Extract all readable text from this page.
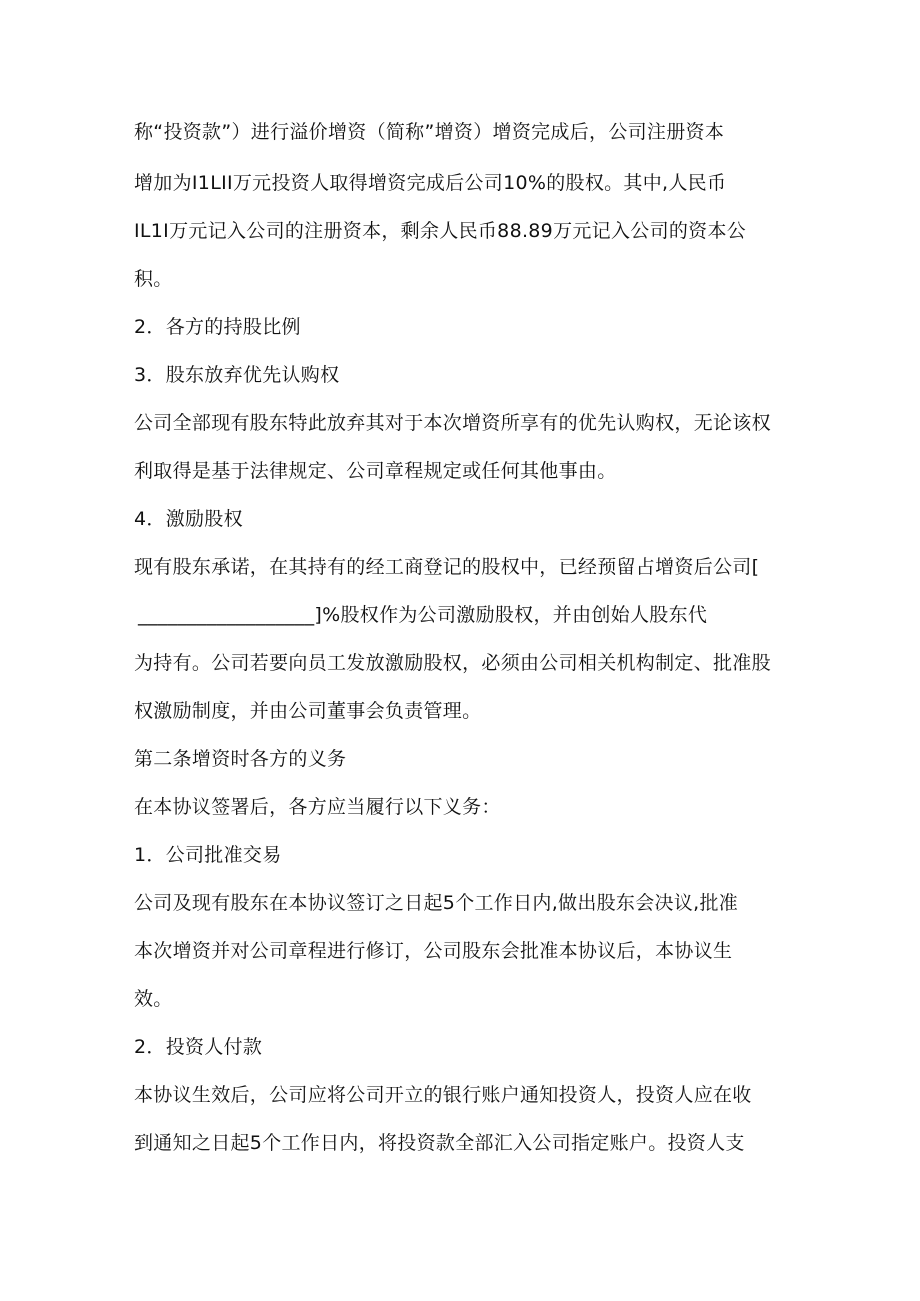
称“投资款”）进行溢价增资（简称”增资）增资完成后，公司注册资本

增加为I1LII万元投资人取得增资完成后公司10%的股权。其中,人民币

IL1I万元记入公司的注册资本，剩余人民币88.89万元记入公司的资本公

积。

2．各方的持股比例

3．股东放弃优先认购权

公司全部现有股东特此放弃其对于本次增资所享有的优先认购权，无论该权

利取得是基于法律规定、公司章程规定或任何其他事由。

4．激励股权

现有股东承诺，在其持有的经工商登记的股权中，已经预留占增资后公司[

__________________]%股权作为公司激励股权，并由创始人股东代

为持有。公司若要向员工发放激励股权，必须由公司相关机构制定、批准股

权激励制度，并由公司董事会负责管理。

第二条增资时各方的义务

在本协议签署后，各方应当履行以下义务：

1．公司批准交易

公司及现有股东在本协议签订之日起5个工作日内,做出股东会决议,批准

本次增资并对公司章程进行修订，公司股东会批准本协议后，本协议生

效。

2．投资人付款

本协议生效后，公司应将公司开立的银行账户通知投资人，投资人应在收

到通知之日起5个工作日内，将投资款全部汇入公司指定账户。投资人支
